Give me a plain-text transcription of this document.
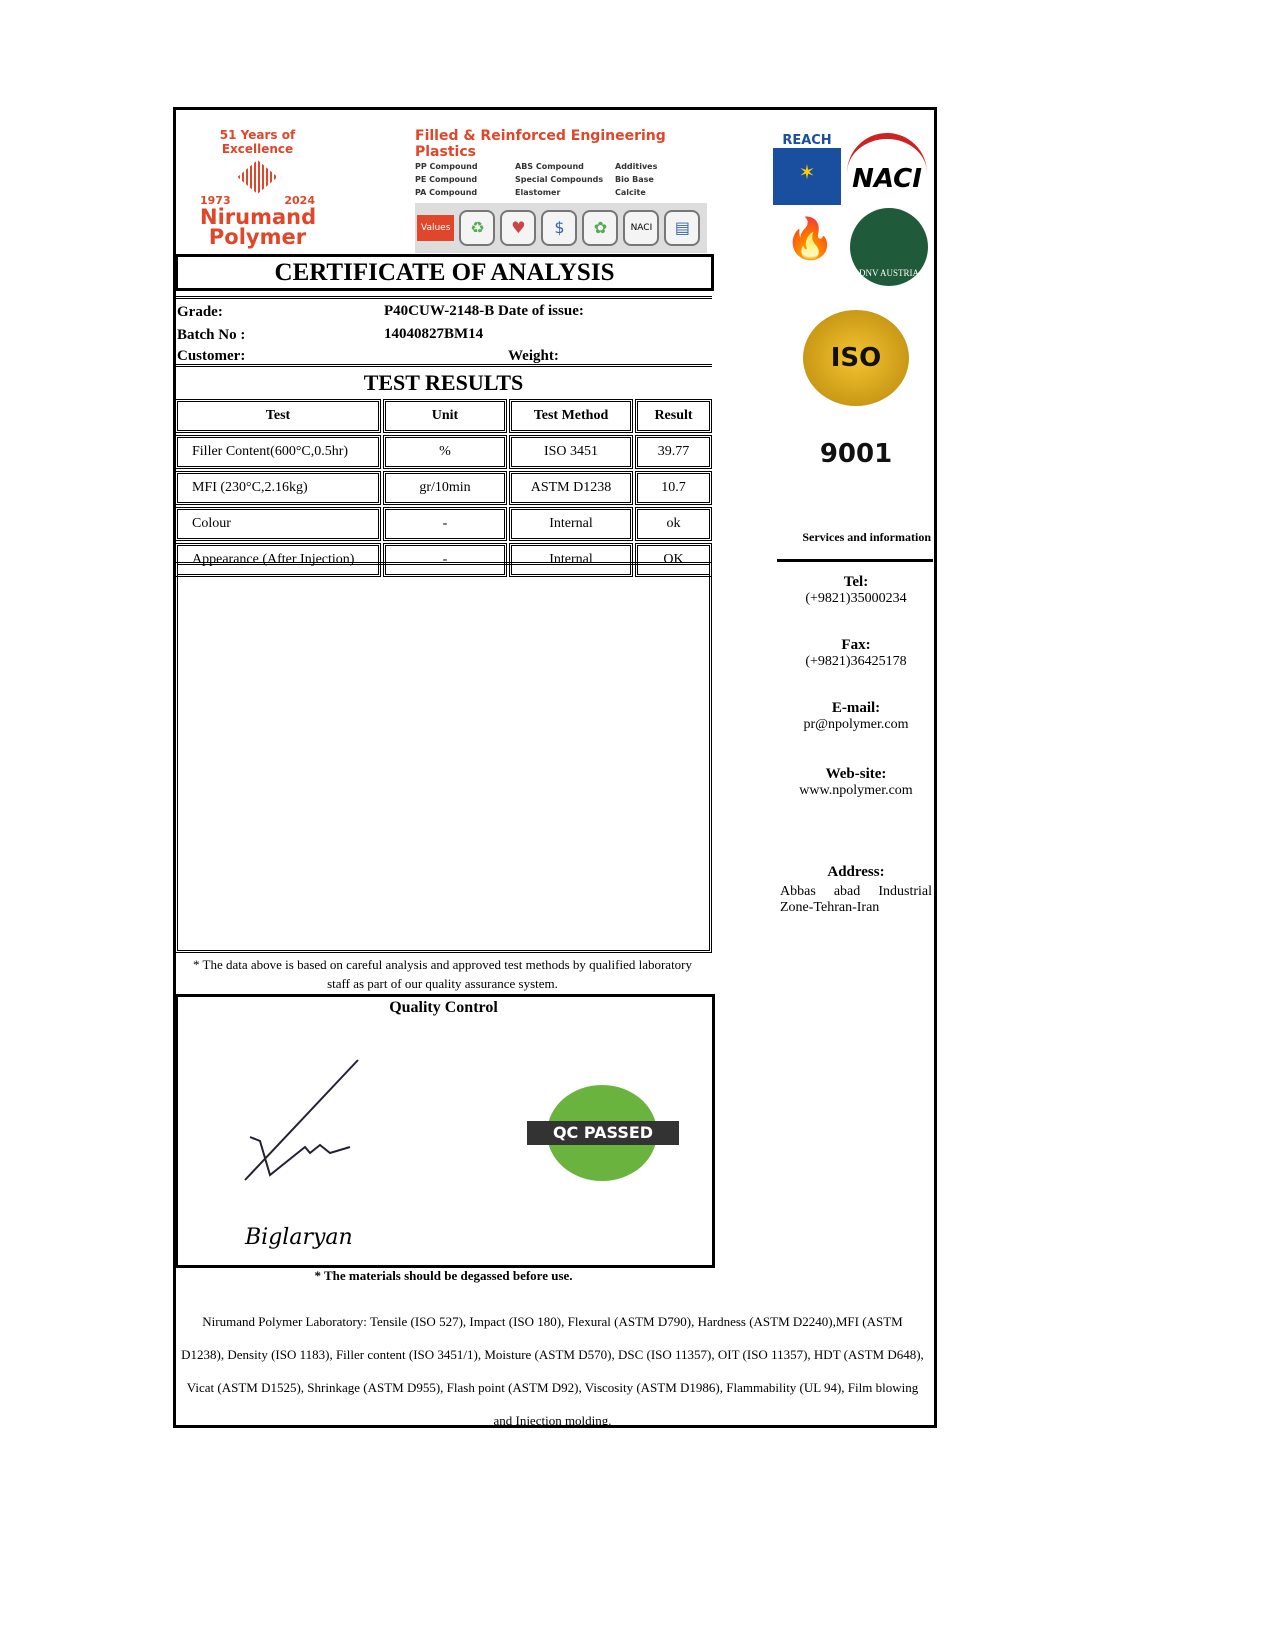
51 Years of Excellence
1973	2024
Nirumand
Polymer
Filled & Reinforced Engineering Plastics
PP Compound
PE Compound
PA Compound
ABS Compound
Special Compounds
Elastomer
Additives
Bio Base
Calcite
Values	♻	♥	$	✿	NACI	▤
REACH
✶	NACI
🔥
DNV AUSTRIA
ISO 9001
CERTIFICATE OF ANALYSIS
Grade:	P40CUW-2148-B Date of issue:
Batch No :	14040827BM14
Customer:	Weight:
TEST RESULTS
Test	Unit	Test Method	Result
Filler Content(600°C,0.5hr)	%	ISO 3451	39.77
MFI (230°C,2.16kg)	gr/10min	ASTM D1238	10.7
Colour	-	Internal	ok
Appearance (After Injection)	-	Internal	OK
* The data above is based on careful analysis and approved test methods by qualified laboratory staff as part of our quality assurance system.
Quality Control
Biglaryan
QC PASSED
* The materials should be degassed before use.
Nirumand Polymer Laboratory: Tensile (ISO 527), Impact (ISO 180), Flexural (ASTM D790), Hardness (ASTM D2240),MFI (ASTM D1238), Density (ISO 1183), Filler content (ISO 3451/1), Moisture (ASTM D570), DSC (ISO 11357), OIT (ISO 11357), HDT (ASTM D648), Vicat (ASTM D1525), Shrinkage (ASTM D955), Flash point (ASTM D92), Viscosity (ASTM D1986), Flammability (UL 94), Film blowing and Injection molding.
Services and information
Tel:
(+9821)35000234
Fax:
(+9821)36425178
E-mail:
pr@npolymer.com
Web-site:
www.npolymer.com
Address:
Abbas abad Industrial Zone-Tehran-Iran
